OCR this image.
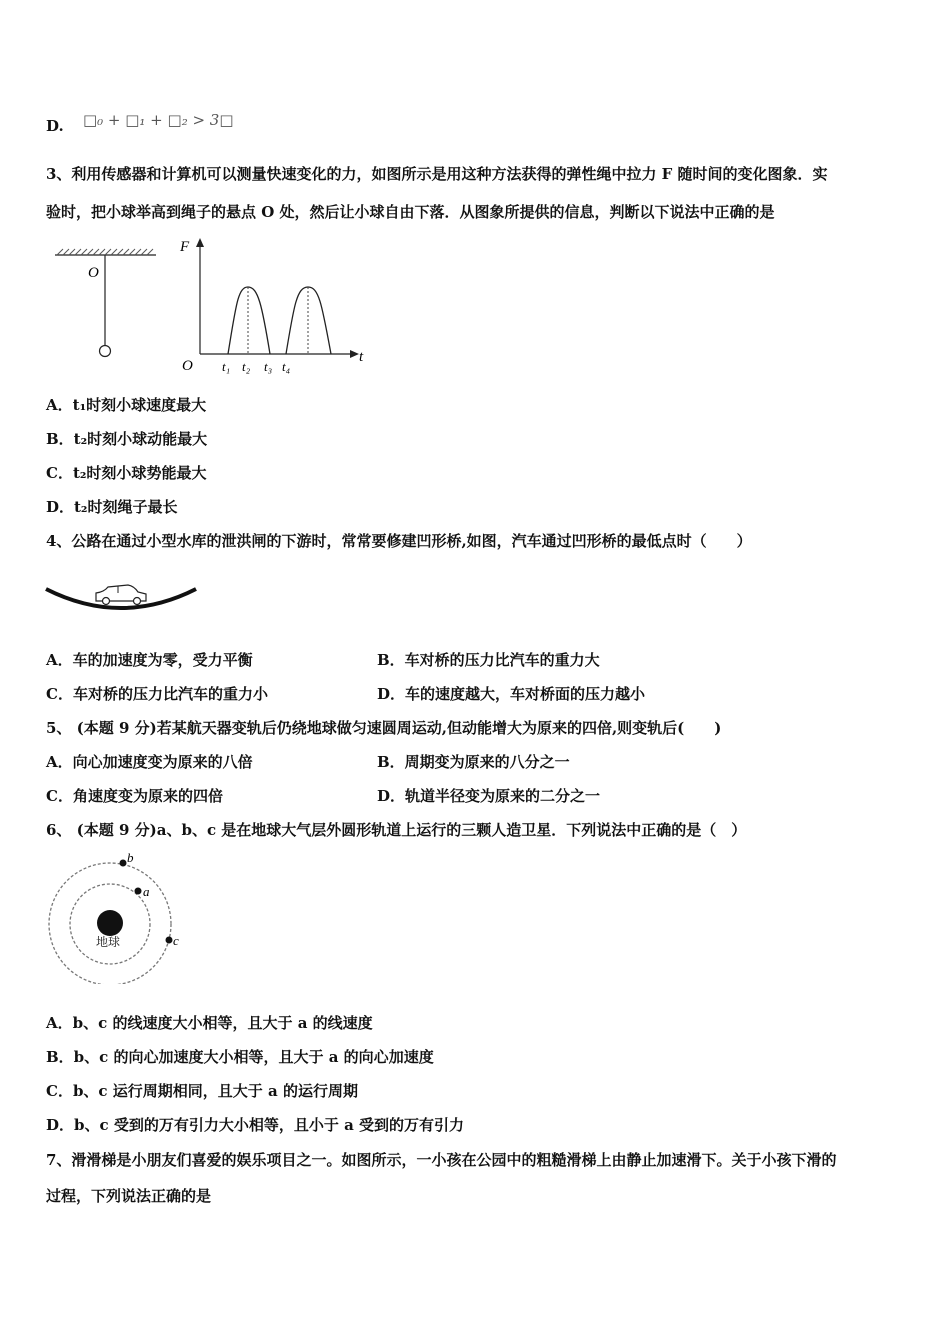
D. □₀ + □₁ + □₂ > 3□
3、利用传感器和计算机可以测量快速变化的力，如图所示是用这种方法获得的弹性绳中拉力 F 随时间的变化图象．实
验时，把小球举高到绳子的悬点 O 处，然后让小球自由下落．从图象所提供的信息，判断以下说法中正确的是
O
F
t
O t₁ t₂ t₃ t₄
A．t₁时刻小球速度最大
B．t₂时刻小球动能最大
C．t₂时刻小球势能最大
D．t₂时刻绳子最长
4、公路在通过小型水库的泄洪闸的下游时，常常要修建凹形桥,如图，汽车通过凹形桥的最低点时（　　）
A．车的加速度为零，受力平衡	B．车对桥的压力比汽车的重力大
C．车对桥的压力比汽车的重力小	D．车的速度越大，车对桥面的压力越小
5、 (本题 9 分)若某航天器变轨后仍绕地球做匀速圆周运动,但动能增大为原来的四倍,则变轨后(　　)
A．向心加速度变为原来的八倍	B．周期变为原来的八分之一
C．角速度变为原来的四倍	D．轨道半径变为原来的二分之一
6、 (本题 9 分)a、b、c 是在地球大气层外圆形轨道上运行的三颗人造卫星．下列说法中正确的是（　）
地球
b
a
c
A．b、c 的线速度大小相等，且大于 a 的线速度
B．b、c 的向心加速度大小相等，且大于 a 的向心加速度
C．b、c 运行周期相同，且大于 a 的运行周期
D．b、c 受到的万有引力大小相等，且小于 a 受到的万有引力
7、滑滑梯是小朋友们喜爱的娱乐项目之一。如图所示，一小孩在公园中的粗糙滑梯上由静止加速滑下。关于小孩下滑的
过程，下列说法正确的是
